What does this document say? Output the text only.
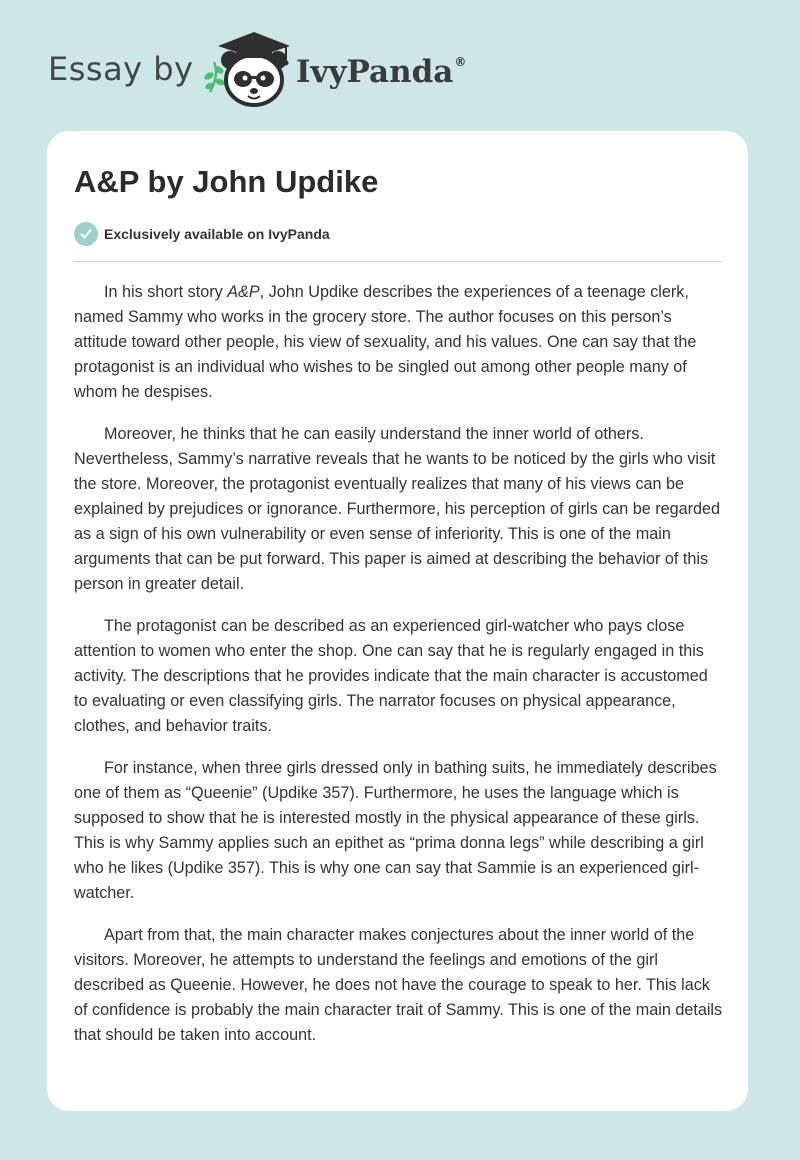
Essay by	IvyPanda®
A&P by John Updike
Exclusively available on IvyPanda

In his short story A&P, John Updike describes the experiences of a teenage clerk, named Sammy who works in the grocery store. The author focuses on this person’s attitude toward other people, his view of sexuality, and his values. One can say that the protagonist is an individual who wishes to be singled out among other people many of whom he despises.

Moreover, he thinks that he can easily understand the inner world of others. Nevertheless, Sammy’s narrative reveals that he wants to be noticed by the girls who visit the store. Moreover, the protagonist eventually realizes that many of his views can be explained by prejudices or ignorance. Furthermore, his perception of girls can be regarded as a sign of his own vulnerability or even sense of inferiority. This is one of the main arguments that can be put forward. This paper is aimed at describing the behavior of this person in greater detail.

The protagonist can be described as an experienced girl-watcher who pays close attention to women who enter the shop. One can say that he is regularly engaged in this activity. The descriptions that he provides indicate that the main character is accustomed to evaluating or even classifying girls. The narrator focuses on physical appearance, clothes, and behavior traits.

For instance, when three girls dressed only in bathing suits, he immediately describes one of them as “Queenie” (Updike 357). Furthermore, he uses the language which is supposed to show that he is interested mostly in the physical appearance of these girls. This is why Sammy applies such an epithet as “prima donna legs” while describing a girl who he likes (Updike 357). This is why one can say that Sammie is an experienced girl-watcher.

Apart from that, the main character makes conjectures about the inner world of the visitors. Moreover, he attempts to understand the feelings and emotions of the girl described as Queenie. However, he does not have the courage to speak to her. This lack of confidence is probably the main character trait of Sammy. This is one of the main details that should be taken into account.
